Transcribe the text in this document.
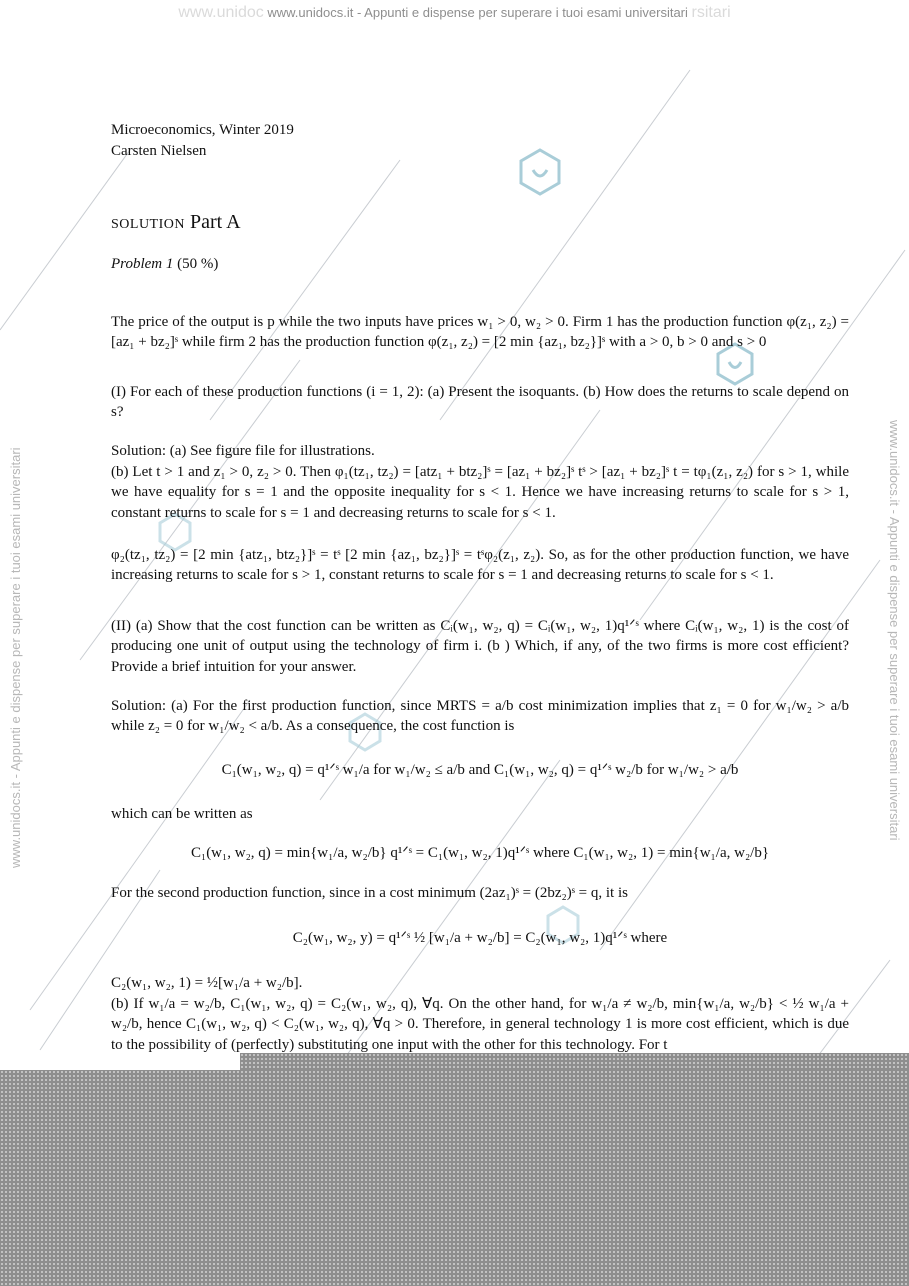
www.unidoc www.unidocs.it - Appunti e dispense per superare i tuoi esami universitari rsitari
www.unidocs.it - Appunti e dispense per superare i tuoi esami universitari	www.unidocs.it - Appunti e dispense per superare i tuoi esami universitari

Microeconomics, Winter 2019

Carsten Nielsen

solution Part A

Problem 1 (50 %)

The price of the output is p while the two inputs have prices w₁ > 0, w₂ > 0. Firm 1 has the production function φ(z₁, z₂) = [az₁ + bz₂]ˢ while firm 2 has the production function φ(z₁, z₂) = [2 min {az₁, bz₂}]ˢ with a > 0, b > 0 and s > 0

(I) For each of these production functions (i = 1, 2): (a) Present the isoquants. (b) How does the returns to scale depend on s?

Solution: (a) See figure file for illustrations.

(b) Let t > 1 and z₁ > 0, z₂ > 0. Then φ₁(tz₁, tz₂) = [atz₁ + btz₂]ˢ = [az₁ + bz₂]ˢ tˢ > [az₁ + bz₂]ˢ t = tφ₁(z₁, z₂) for s > 1, while we have equality for s = 1 and the opposite inequality for s < 1. Hence we have increasing returns to scale for s > 1, constant returns to scale for s = 1 and decreasing returns to scale for s < 1.

φ₂(tz₁, tz₂) = [2 min {atz₁, btz₂}]ˢ = tˢ [2 min {az₁, bz₂}]ˢ = tˢφ₂(z₁, z₂). So, as for the other production function, we have increasing returns to scale for s > 1, constant returns to scale for s = 1 and decreasing returns to scale for s < 1.

(II) (a) Show that the cost function can be written as Cᵢ(w₁, w₂, q) = Cᵢ(w₁, w₂, 1)q¹ᐟˢ where Cᵢ(w₁, w₂, 1) is the cost of producing one unit of output using the technology of firm i. (b ) Which, if any, of the two firms is more cost efficient? Provide a brief intuition for your answer.

Solution: (a) For the first production function, since MRTS = a/b cost minimization implies that z₁ = 0 for w₁/w₂ > a/b while z₂ = 0 for w₁/w₂ < a/b. As a consequence, the cost function is

C₁(w₁, w₂, q) = q¹ᐟˢ w₁/a for w₁/w₂ ≤ a/b and C₁(w₁, w₂, q) = q¹ᐟˢ w₂/b for w₁/w₂ > a/b

which can be written as

C₁(w₁, w₂, q) = min{w₁/a, w₂/b} q¹ᐟˢ = C₁(w₁, w₂, 1)q¹ᐟˢ where C₁(w₁, w₂, 1) = min{w₁/a, w₂/b}

For the second production function, since in a cost minimum (2az₁)ˢ = (2bz₂)ˢ = q, it is

C₂(w₁, w₂, y) = q¹ᐟˢ ½ [w₁/a + w₂/b] = C₂(w₁, w₂, 1)q¹ᐟˢ where

C₂(w₁, w₂, 1) = ½[w₁/a + w₂/b].

(b) If w₁/a = w₂/b, C₁(w₁, w₂, q) = C₂(w₁, w₂, q), ∀q. On the other hand, for w₁/a ≠ w₂/b, min{w₁/a, w₂/b} < ½ w₁/a + w₂/b, hence C₁(w₁, w₂, q) < C₂(w₁, w₂, q), ∀q > 0. Therefore, in general technology 1 is more cost efficient, which is due to the possibility of (perfectly) substituting one input with the other for this technology. For t
